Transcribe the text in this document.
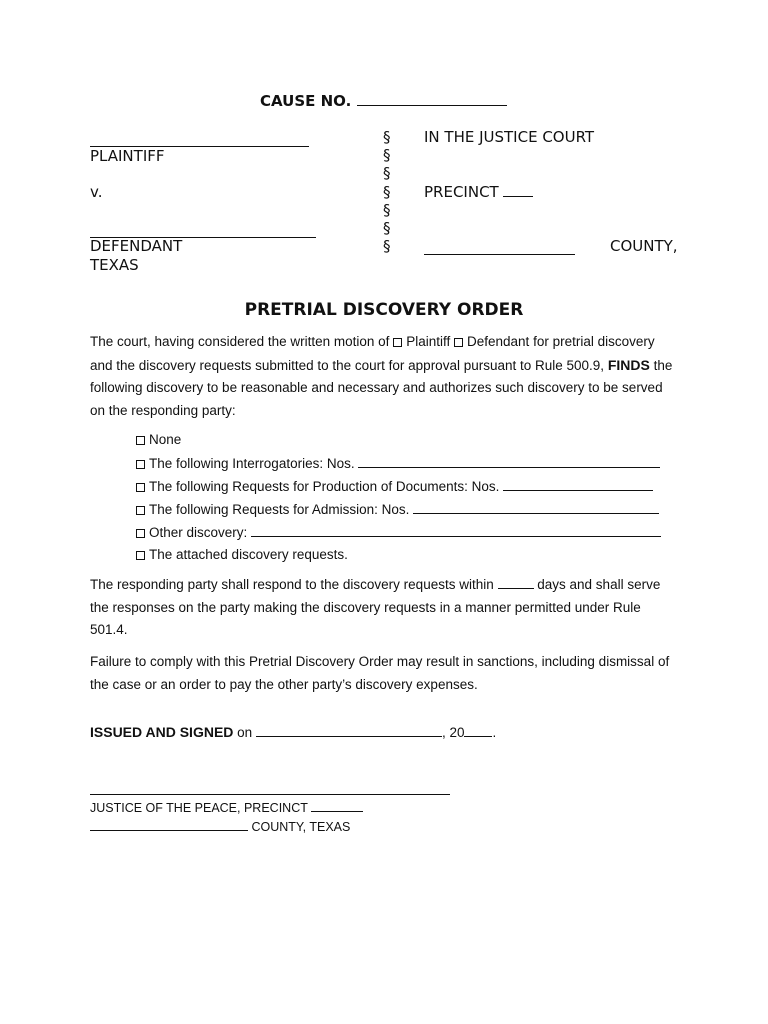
CAUSE NO.
PLAINTIFF
v.
DEFENDANT
TEXAS
§
§
§
§
§
§
§
IN THE JUSTICE COURT
PRECINCT
COUNTY,
PRETRIAL DISCOVERY ORDER
The court, having considered the written motion of Plaintiff Defendant for pretrial discovery and the discovery requests submitted to the court for approval pursuant to Rule 500.9, FINDS the following discovery to be reasonable and necessary and authorizes such discovery to be served on the responding party:
None
The following Interrogatories: Nos.
The following Requests for Production of Documents: Nos.
The following Requests for Admission: Nos.
Other discovery:
The attached discovery requests.
The responding party shall respond to the discovery requests within	days and shall serve the responses on the party making the discovery requests in a manner permitted under Rule 501.4.
Failure to comply with this Pretrial Discovery Order may result in sanctions, including dismissal of the case or an order to pay the other party’s discovery expenses.
ISSUED AND SIGNED on	, 20 .
JUSTICE OF THE PEACE, PRECINCT
COUNTY, TEXAS
